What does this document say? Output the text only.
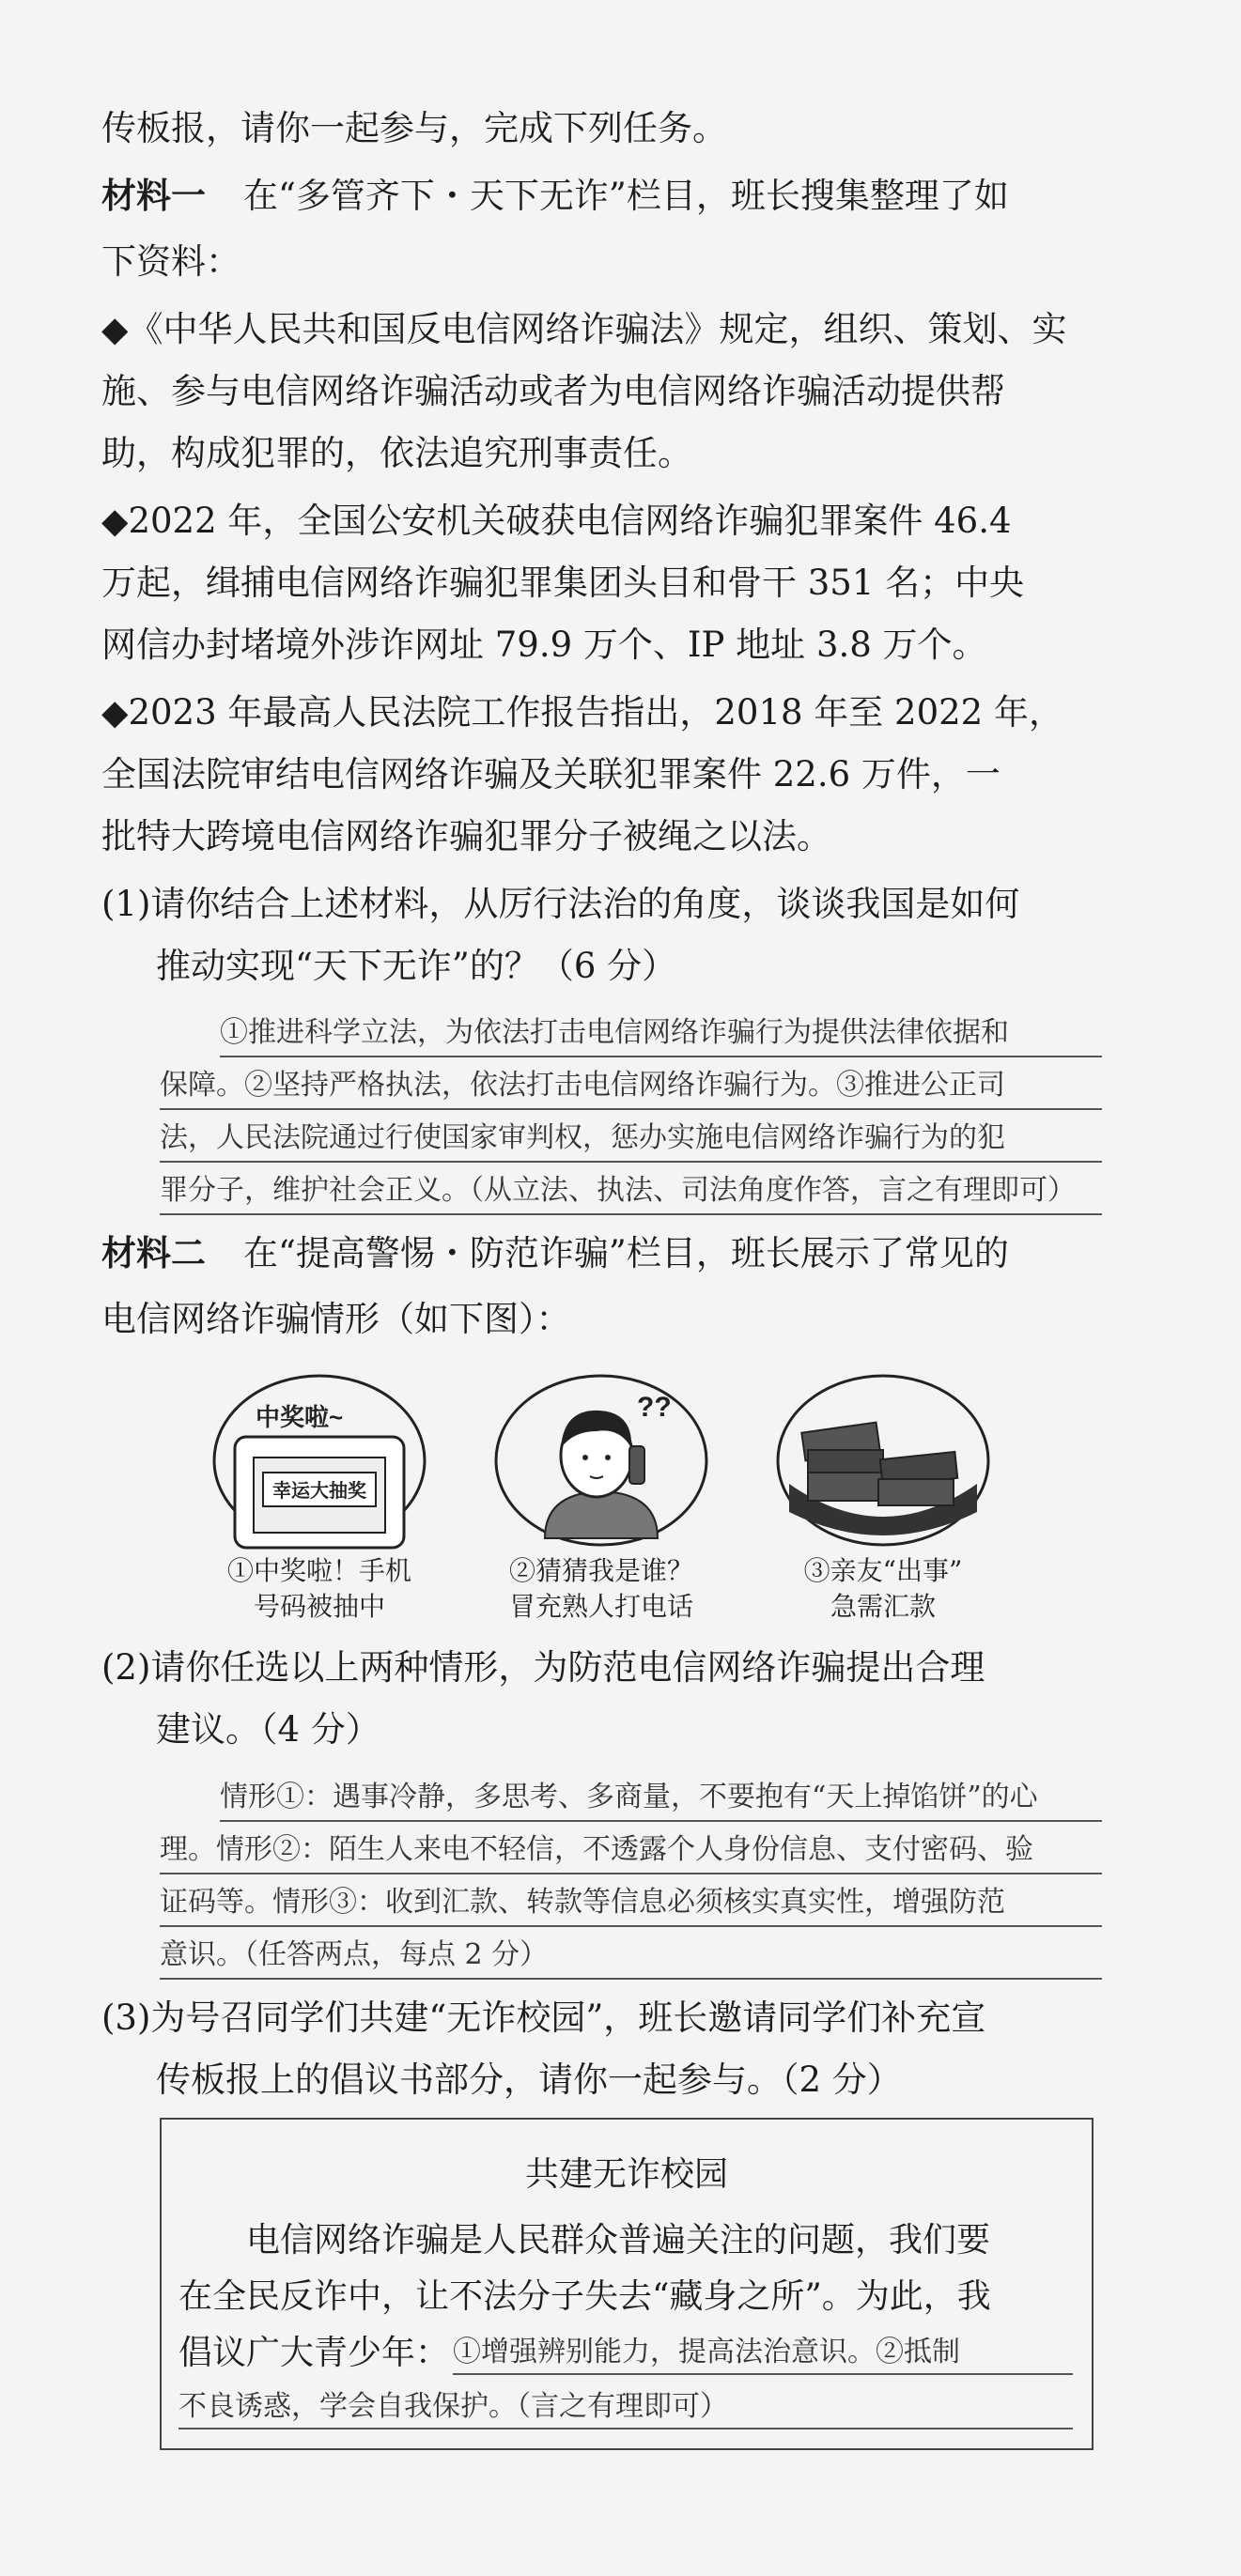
传板报，请你一起参与，完成下列任务。
材料一 在“多管齐下・天下无诈”栏目，班长搜集整理了如
下资料：
◆《中华人民共和国反电信网络诈骗法》规定，组织、策划、实
施、参与电信网络诈骗活动或者为电信网络诈骗活动提供帮
助，构成犯罪的，依法追究刑事责任。
◆2022 年，全国公安机关破获电信网络诈骗犯罪案件 46.4
万起，缉捕电信网络诈骗犯罪集团头目和骨干 351 名；中央
网信办封堵境外涉诈网址 79.9 万个、IP 地址 3.8 万个。
◆2023 年最高人民法院工作报告指出，2018 年至 2022 年，
全国法院审结电信网络诈骗及关联犯罪案件 22.6 万件，一
批特大跨境电信网络诈骗犯罪分子被绳之以法。
(1)请你结合上述材料，从厉行法治的角度，谈谈我国是如何
推动实现“天下无诈”的？（6 分）
①推进科学立法，为依法打击电信网络诈骗行为提供法律依据和
保障。②坚持严格执法，依法打击电信网络诈骗行为。③推进公正司
法，人民法院通过行使国家审判权，惩办实施电信网络诈骗行为的犯
罪分子，维护社会正义。（从立法、执法、司法角度作答，言之有理即可）
材料二 在“提高警惕・防范诈骗”栏目，班长展示了常见的
电信网络诈骗情形（如下图）：
中奖啦~
幸运大抽奖
①中奖啦！手机
号码被抽中
??
②猜猜我是谁？
冒充熟人打电话
③亲友“出事”
急需汇款
(2)请你任选以上两种情形，为防范电信网络诈骗提出合理
建议。（4 分）
情形①：遇事冷静，多思考、多商量，不要抱有“天上掉馅饼”的心
理。情形②：陌生人来电不轻信，不透露个人身份信息、支付密码、验
证码等。情形③：收到汇款、转款等信息必须核实真实性，增强防范
意识。（任答两点，每点 2 分）
(3)为号召同学们共建“无诈校园”，班长邀请同学们补充宣
传板报上的倡议书部分，请你一起参与。（2 分）
共建无诈校园
电信网络诈骗是人民群众普遍关注的问题，我们要
在全民反诈中，让不法分子失去“藏身之所”。为此，我
倡议广大青少年： ①增强辨别能力，提高法治意识。②抵制
不良诱惑，学会自我保护。（言之有理即可）
